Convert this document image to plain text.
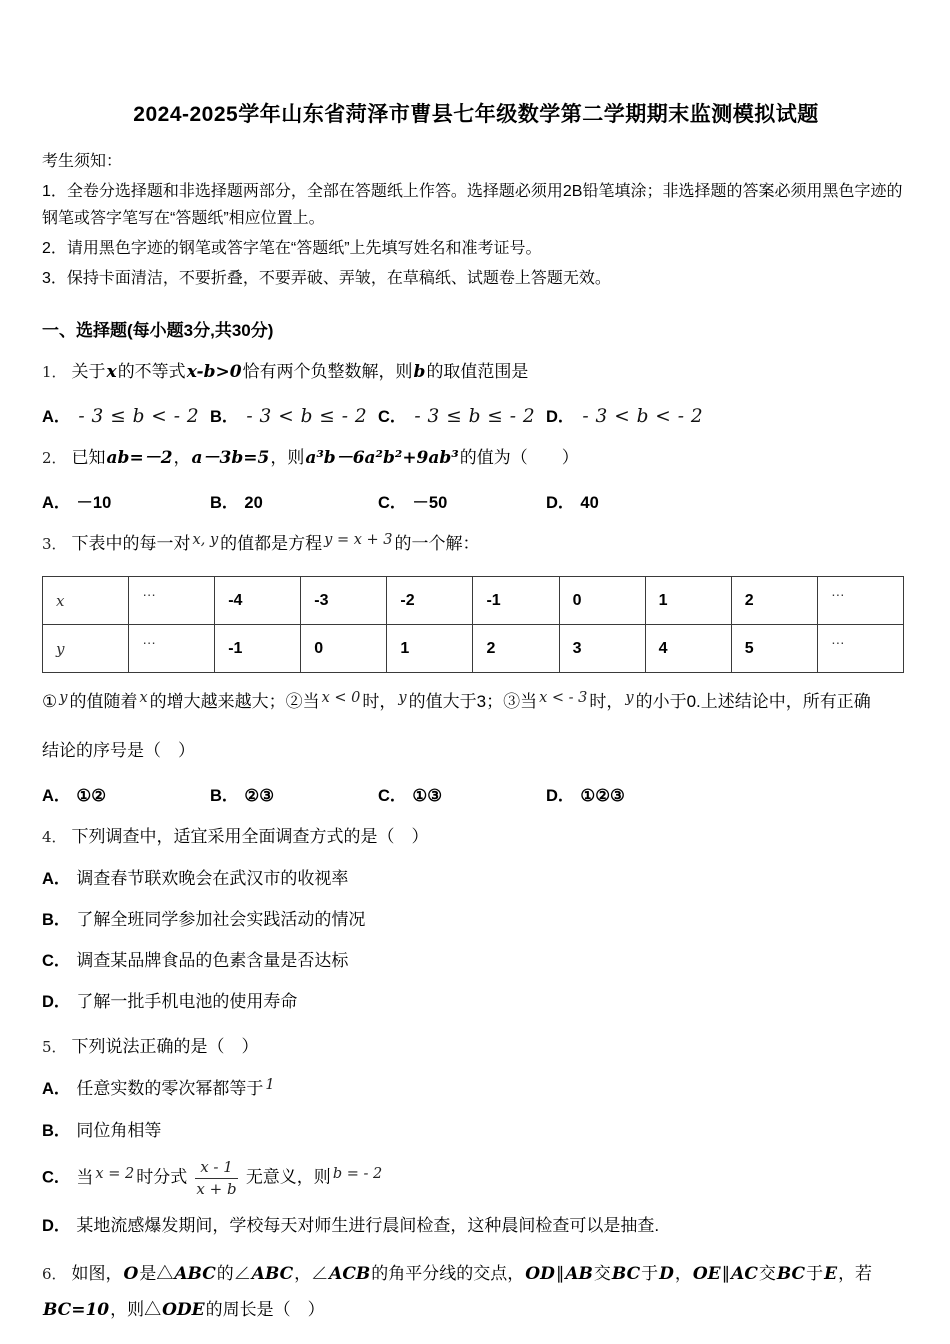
2024-2025学年山东省菏泽市曹县七年级数学第二学期期末监测模拟试题
考生须知：
1．全卷分选择题和非选择题两部分，全部在答题纸上作答。选择题必须用2B铅笔填涂；非选择题的答案必须用黑色字迹的钢笔或答字笔写在“答题纸”相应位置上。
2．请用黑色字迹的钢笔或答字笔在“答题纸”上先填写姓名和准考证号。
3．保持卡面清洁，不要折叠，不要弄破、弄皱，在草稿纸、试题卷上答题无效。
一、选择题(每小题3分,共30分)
1． 关于x的不等式x-b>0恰有两个负整数解，则b的取值范围是
A． - 3 ≤ b < - 2 B． - 3 < b ≤ - 2 C． - 3 ≤ b ≤ - 2 D． - 3 < b < - 2
2． 已知ab=－2，a－3b=5，则a³b－6a²b²+9ab³的值为（　　）
A． －10	B． 20	C． －50	D． 40
3． 下表中的每一对 x, y 的值都是方程 y = x + 3 的一个解：
x	…	-4	-3	-2	-1	0	1	2	…
y	…	-1	0	1	2	3	4	5	…
① y 的值随着 x 的增大越来越大；②当 x < 0 时， y 的值大于3；③当 x < - 3 时， y 的小于0.上述结论中，所有正确
结论的序号是（　）
A． ①②	B． ②③	C． ①③	D． ①②③
4． 下列调查中，适宜采用全面调查方式的是（　）
A． 调查春节联欢晚会在武汉市的收视率
B． 了解全班同学参加社会实践活动的情况
C． 调查某品牌食品的色素含量是否达标
D． 了解一批手机电池的使用寿命
5． 下列说法正确的是（　）
A． 任意实数的零次幂都等于 1
B． 同位角相等
C． 当 x = 2 时分式 $\frac{x - 1}{x + b}$ 无意义，则 b = - 2
D． 某地流感爆发期间，学校每天对师生进行晨间检查，这种晨间检查可以是抽查.
6． 如图，O是△ABC的∠ABC，∠ACB的角平分线的交点，OD∥AB交BC于D，OE∥AC交BC于E，若BC=10，则△ODE的周长是（　）
